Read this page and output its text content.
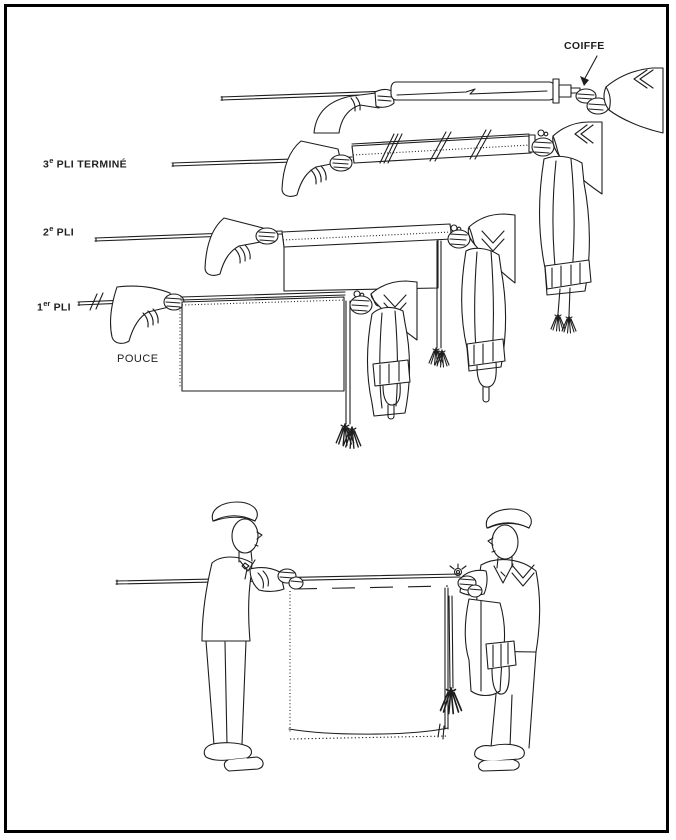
COIFFE
3e PLI TERMINÉ
2e PLI
1er PLI
POUCE
